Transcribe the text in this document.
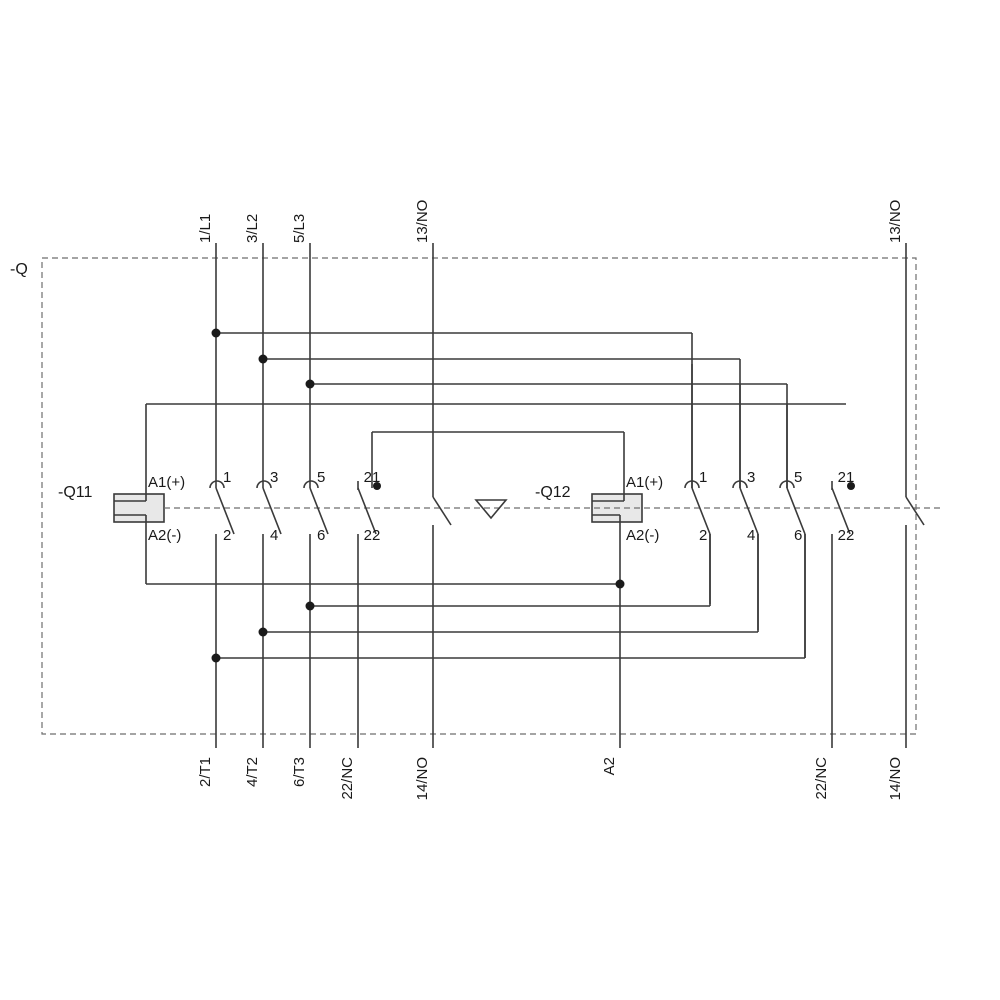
-Q
-Q11	-Q12
A1(+)
A2(-)
A1(+)
A2(-)
1	3	5	21
2	4	6	22
1	3	5 21
2	4	6 22
1/L1 3/L2 5/L3	13/NO	13/NO
2/T1 4/T2 6/T3 22/NC	14/NO	A2	22/NC	14/NO
